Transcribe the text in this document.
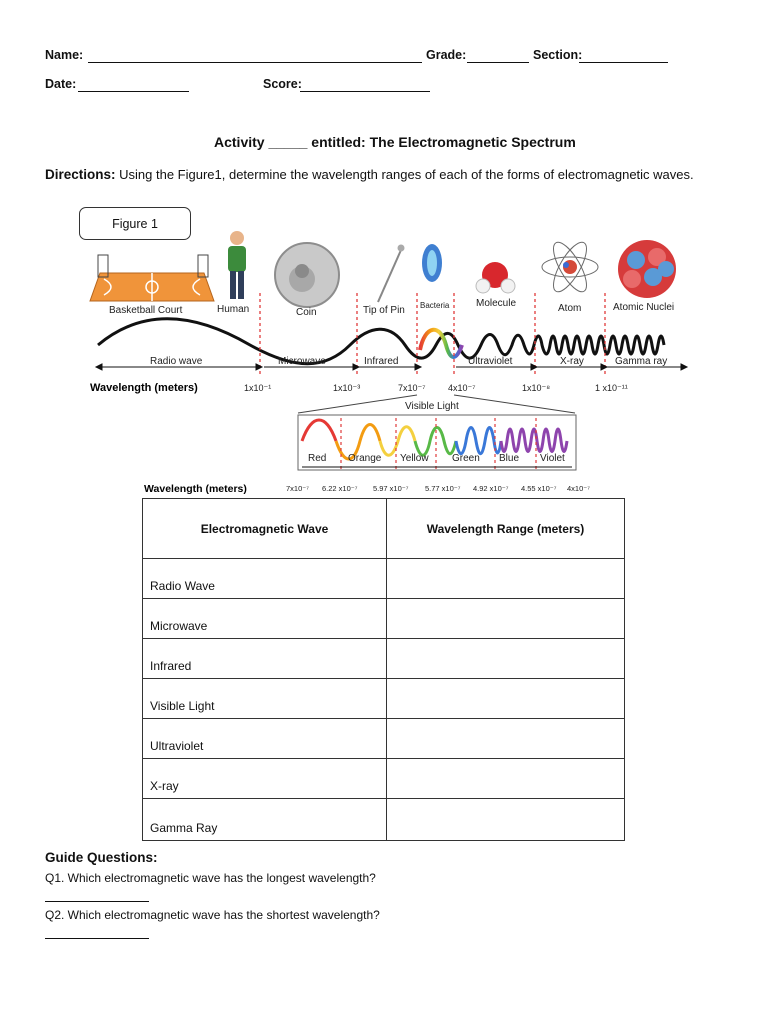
Name:	Grade:	Section:
Date:	Score:
Activity _____ entitled: The Electromagnetic Spectrum
Directions: Using the Figure1, determine the wavelength ranges of each of the forms of electromagnetic waves.
Basketball Court	Human	Coin	Tip of Pin Bacteria	Molecule	Atom	Atomic Nuclei
Radio wave	Microwave	Infrared	Ultraviolet	X-ray	Gamma ray
Wavelength (meters)	1x10⁻¹	1x10⁻³	7x10⁻⁷ 4x10⁻⁷	1x10⁻⁸	1 x10⁻¹¹
Visible Light
Red Orange Yellow Green Blue Violet
Wavelength (meters)	7x10⁻⁷ 6.22 x10⁻⁷ 5.97 x10⁻⁷ 5.77 x10⁻⁷ 4.92 x10⁻⁷ 4.55 x10⁻⁷ 4x10⁻⁷
Figure 1
Electromagnetic Wave	Wavelength Range (meters)
Radio Wave	
Microwave	
Infrared	
Visible Light	
Ultraviolet	
X-ray	
Gamma Ray	
Guide Questions:
Q1. Which electromagnetic wave has the longest wavelength?
Q2. Which electromagnetic wave has the shortest wavelength?
